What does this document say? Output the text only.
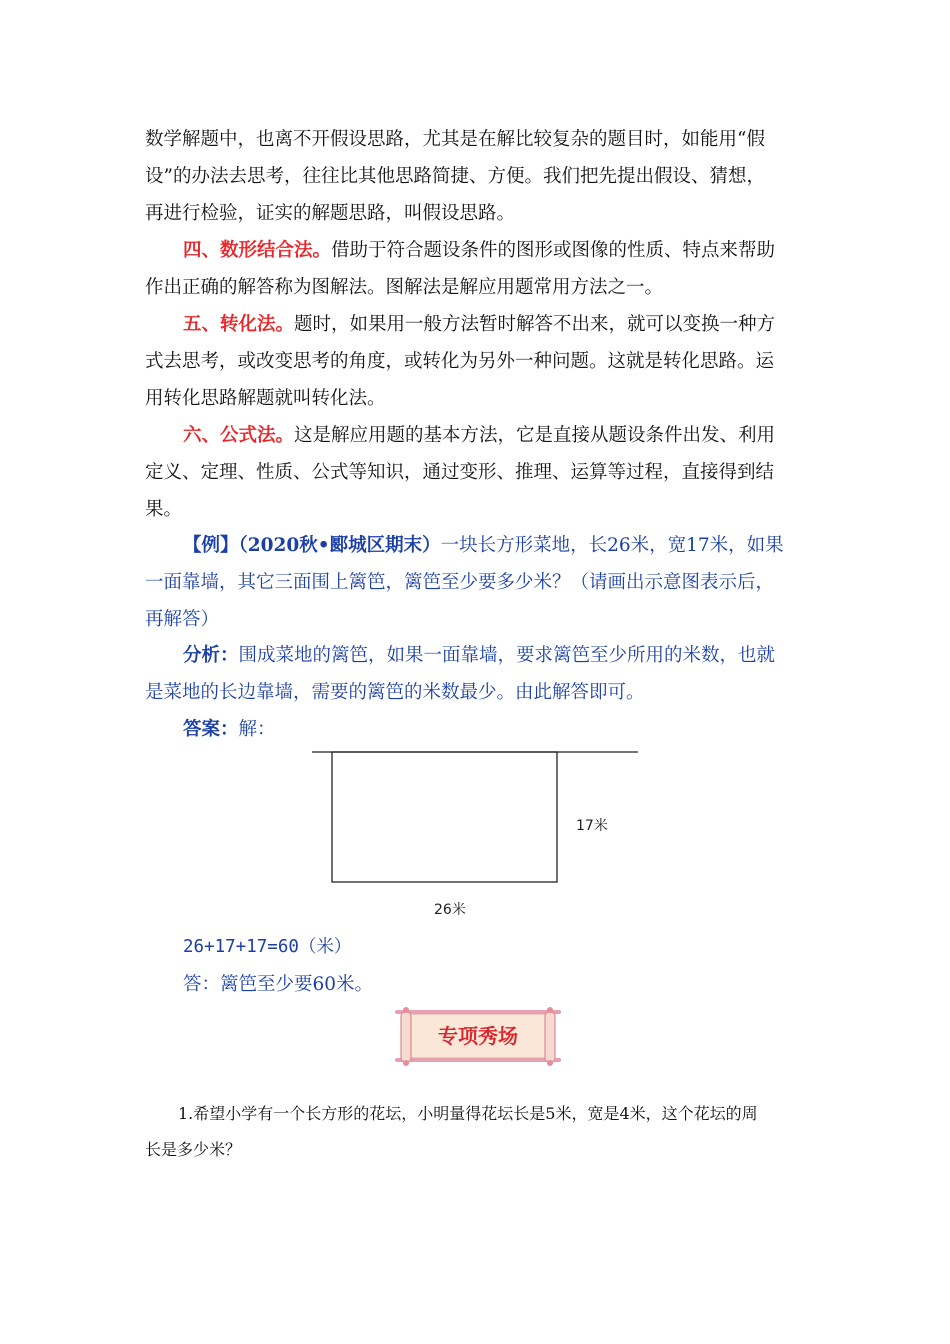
数学解题中，也离不开假设思路，尤其是在解比较复杂的题目时，如能用“假
设”的办法去思考，往往比其他思路简捷、方便。我们把先提出假设、猜想，
再进行检验，证实的解题思路，叫假设思路。
四、数形结合法。借助于符合题设条件的图形或图像的性质、特点来帮助
作出正确的解答称为图解法。图解法是解应用题常用方法之一。
五、转化法。题时，如果用一般方法暂时解答不出来，就可以变换一种方
式去思考，或改变思考的角度，或转化为另外一种问题。这就是转化思路。运
用转化思路解题就叫转化法。
六、公式法。这是解应用题的基本方法，它是直接从题设条件出发、利用
定义、定理、性质、公式等知识，通过变形、推理、运算等过程，直接得到结
果。
【例】（2020秋•郾城区期末）一块长方形菜地，长26米，宽17米，如果
一面靠墙，其它三面围上篱笆，篱笆至少要多少米？（请画出示意图表示后，
再解答）
分析：围成菜地的篱笆，如果一面靠墙，要求篱笆至少所用的米数，也就
是菜地的长边靠墙，需要的篱笆的米数最少。由此解答即可。
答案：解：
17米
26米
26+17+17=60（米）
答：篱笆至少要60米。
专项秀场
1.希望小学有一个长方形的花坛，小明量得花坛长是5米，宽是4米，这个花坛的周
长是多少米？
